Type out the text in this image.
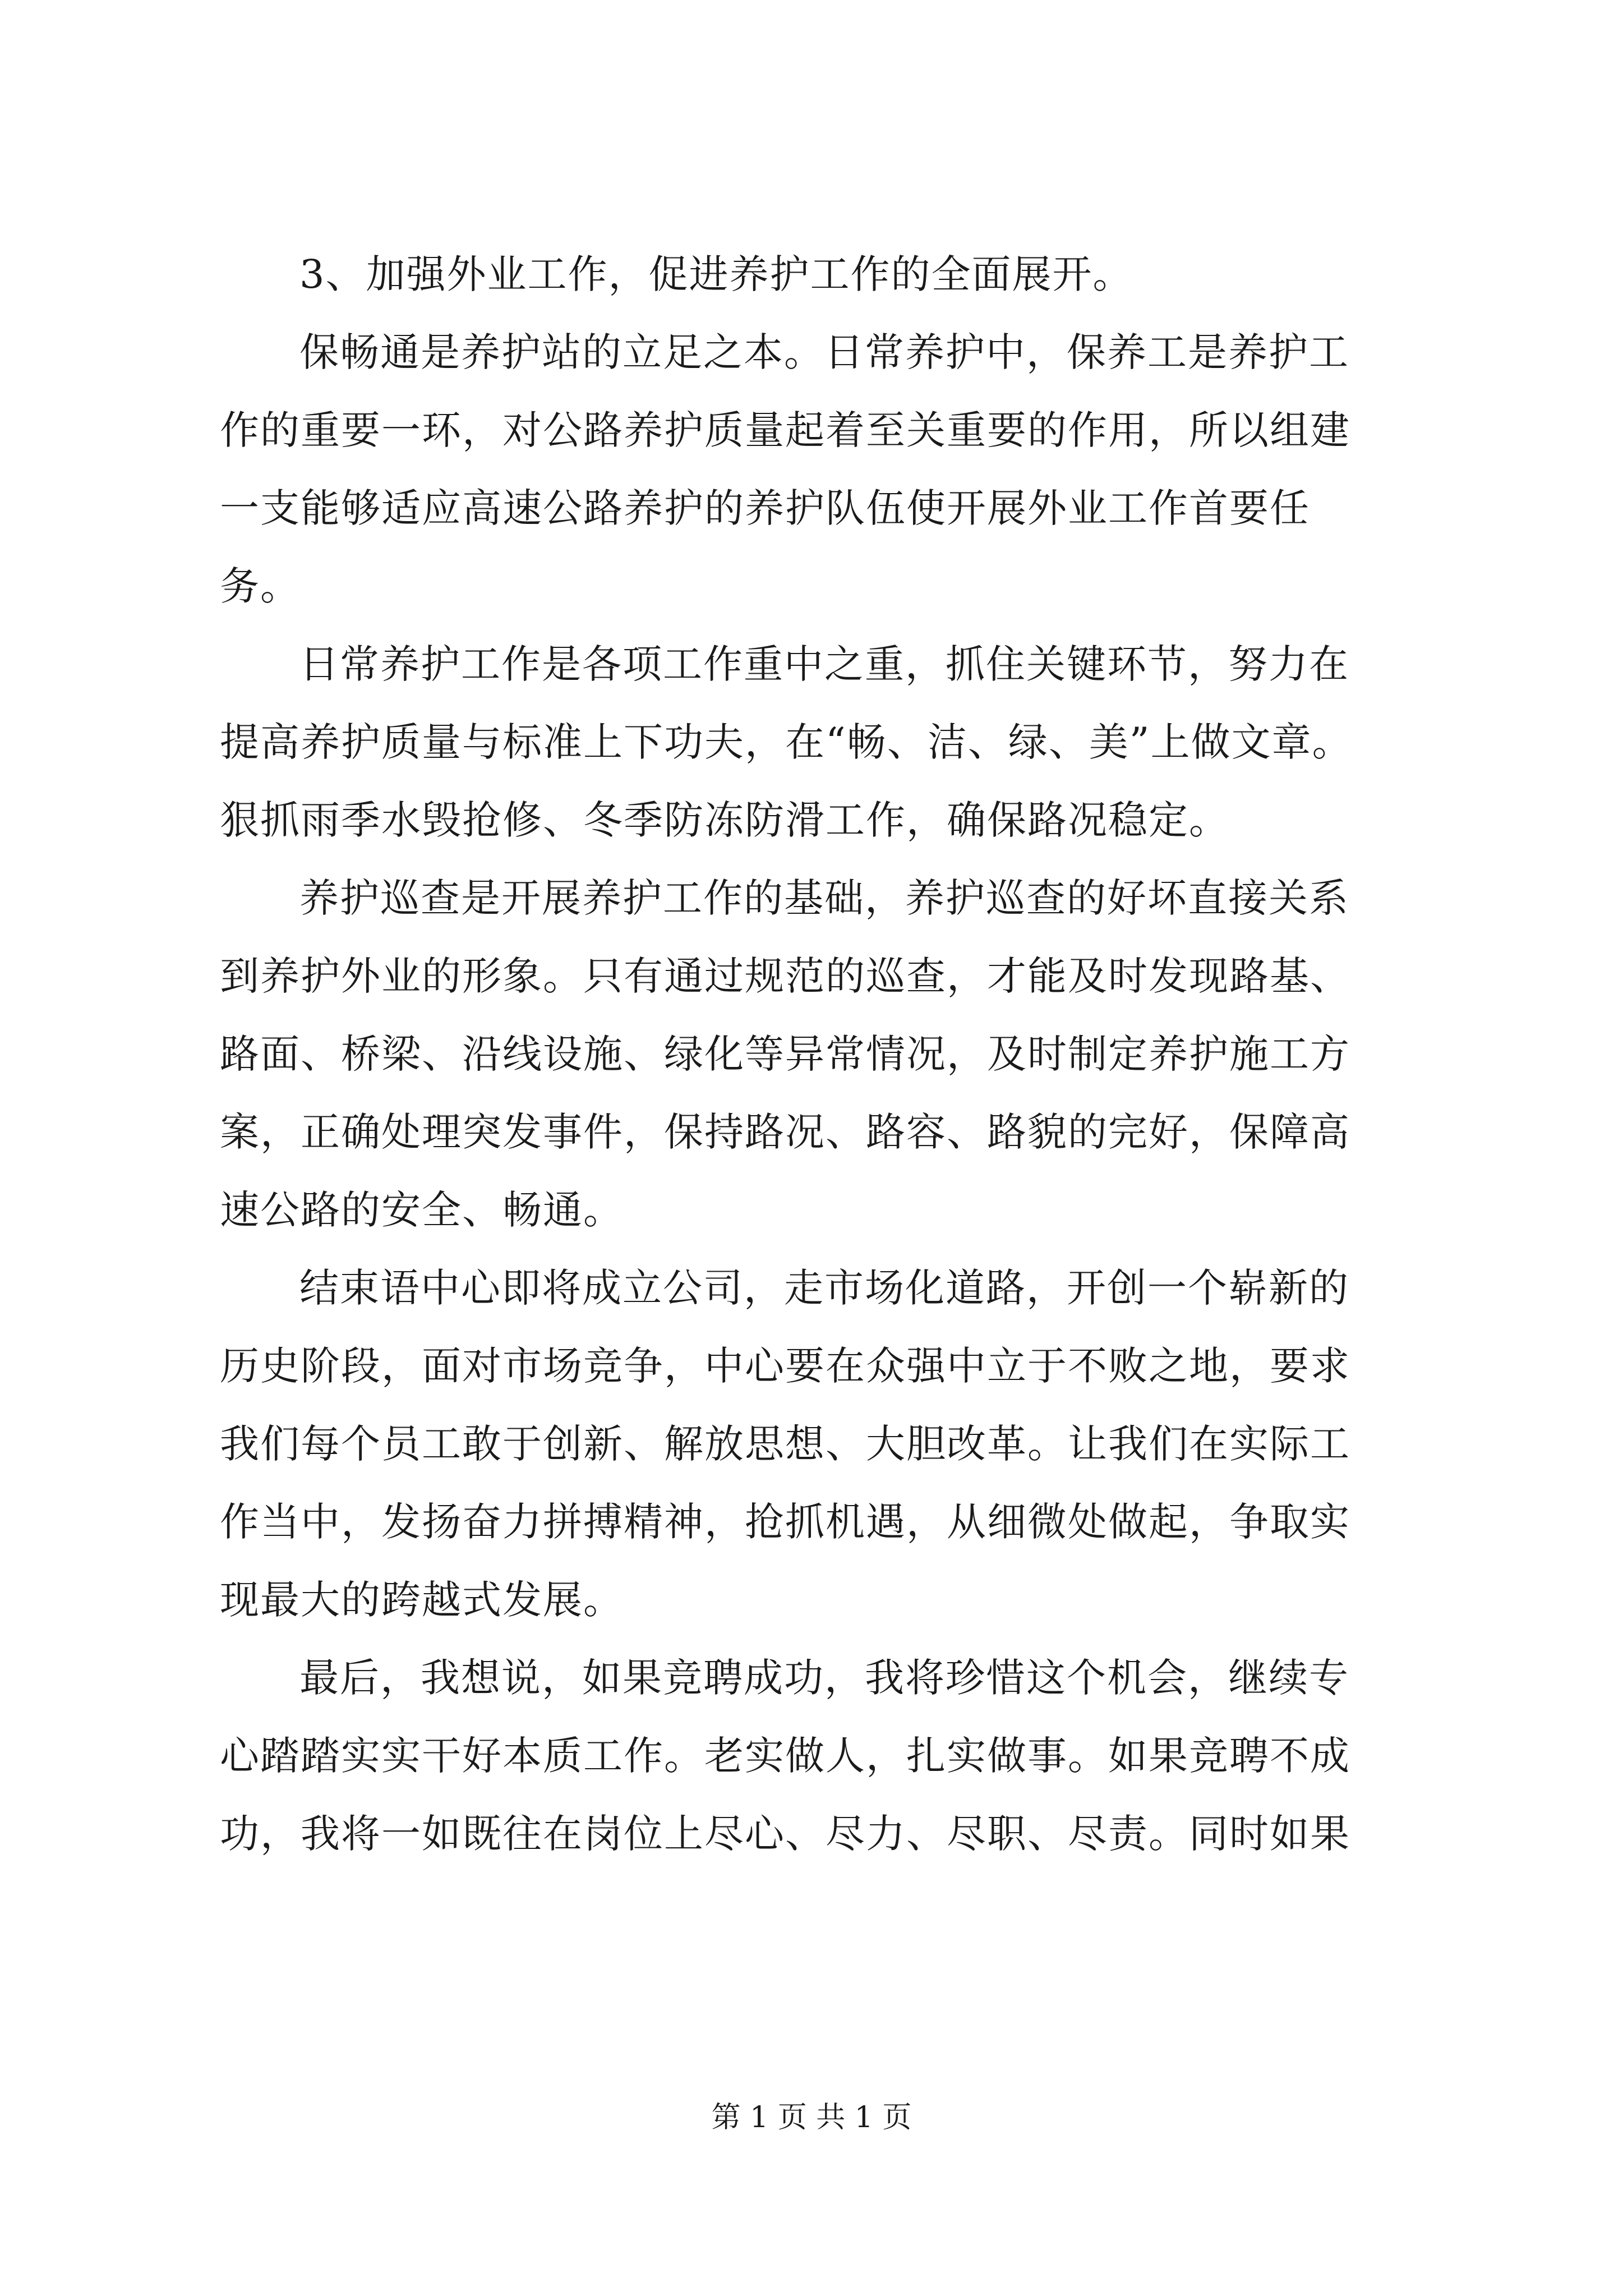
3、加强外业工作，促进养护工作的全面展开。
保畅通是养护站的立足之本。日常养护中，保养工是养护工
作的重要一环，对公路养护质量起着至关重要的作用，所以组建
一支能够适应高速公路养护的养护队伍使开展外业工作首要任
务。
日常养护工作是各项工作重中之重，抓住关键环节，努力在
提高养护质量与标准上下功夫，在“畅、洁、绿、美”上做文章。
狠抓雨季水毁抢修、冬季防冻防滑工作，确保路况稳定。
养护巡查是开展养护工作的基础，养护巡查的好坏直接关系
到养护外业的形象。只有通过规范的巡查，才能及时发现路基、
路面、桥梁、沿线设施、绿化等异常情况，及时制定养护施工方
案，正确处理突发事件，保持路况、路容、路貌的完好，保障高
速公路的安全、畅通。
结束语中心即将成立公司，走市场化道路，开创一个崭新的
历史阶段，面对市场竞争，中心要在众强中立于不败之地，要求
我们每个员工敢于创新、解放思想、大胆改革。让我们在实际工
作当中，发扬奋力拼搏精神，抢抓机遇，从细微处做起，争取实
现最大的跨越式发展。
最后，我想说，如果竞聘成功，我将珍惜这个机会，继续专
心踏踏实实干好本质工作。老实做人，扎实做事。如果竞聘不成
功，我将一如既往在岗位上尽心、尽力、尽职、尽责。同时如果
第 1 页 共 1 页
